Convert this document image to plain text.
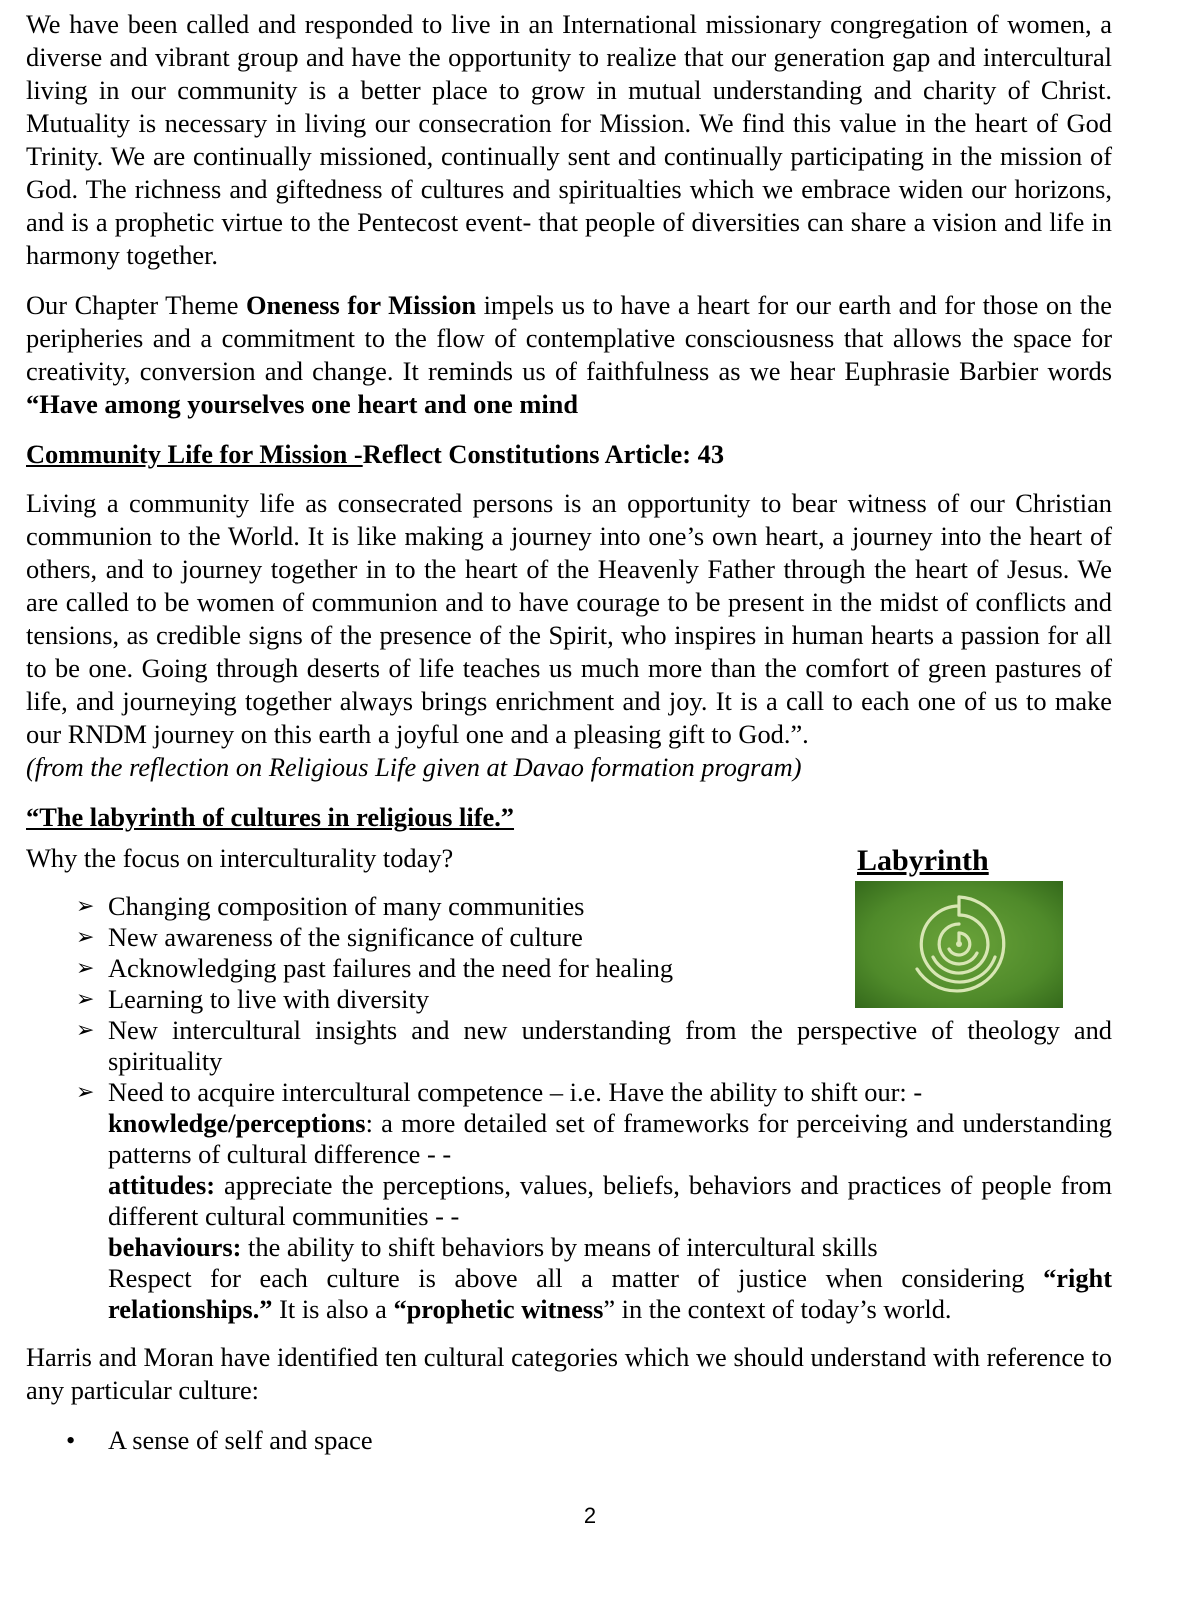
We have been called and responded to live in an International missionary congregation of women, a diverse and vibrant group and have the opportunity to realize that our generation gap and intercultural living in our community is a better place to grow in mutual understanding and charity of Christ. Mutuality is necessary in living our consecration for Mission. We find this value in the heart of God Trinity. We are continually missioned, continually sent and continually participating in the mission of God. The richness and giftedness of cultures and spiritualties which we embrace widen our horizons, and is a prophetic virtue to the Pentecost event- that people of diversities can share a vision and life in harmony together.

Our Chapter Theme Oneness for Mission impels us to have a heart for our earth and for those on the peripheries and a commitment to the flow of contemplative consciousness that allows the space for creativity, conversion and change. It reminds us of faithfulness as we hear Euphrasie Barbier words “Have among yourselves one heart and one mind

Community Life for Mission -Reflect Constitutions Article: 43

Living a community life as consecrated persons is an opportunity to bear witness of our Christian communion to the World. It is like making a journey into one’s own heart, a journey into the heart of others, and to journey together in to the heart of the Heavenly Father through the heart of Jesus. We are called to be women of communion and to have courage to be present in the midst of conflicts and tensions, as credible signs of the presence of the Spirit, who inspires in human hearts a passion for all to be one. Going through deserts of life teaches us much more than the comfort of green pastures of life, and journeying together always brings enrichment and joy. It is a call to each one of us to make our RNDM journey on this earth a joyful one and a pleasing gift to God.”.
(from the reflection on Religious Life given at Davao formation program)

“The labyrinth of cultures in religious life.”

Why the focus on interculturality today?

➢ Changing composition of many communities
➢ New awareness of the significance of culture
➢ Acknowledging past failures and the need for healing
➢ Learning to live with diversity
➢ New intercultural insights and new understanding from the perspective of theology and spirituality
➢ Need to acquire intercultural competence – i.e. Have the ability to shift our: -

knowledge/perceptions: a more detailed set of frameworks for perceiving and understanding patterns of cultural difference - -

attitudes: appreciate the perceptions, values, beliefs, behaviors and practices of people from different cultural communities - -

behaviours: the ability to shift behaviors by means of intercultural skills

Respect for each culture is above all a matter of justice when considering “right relationships.” It is also a “prophetic witness” in the context of today’s world.

Harris and Moran have identified ten cultural categories which we should understand with reference to any particular culture:

• A sense of self and space
Labyrinth
2
